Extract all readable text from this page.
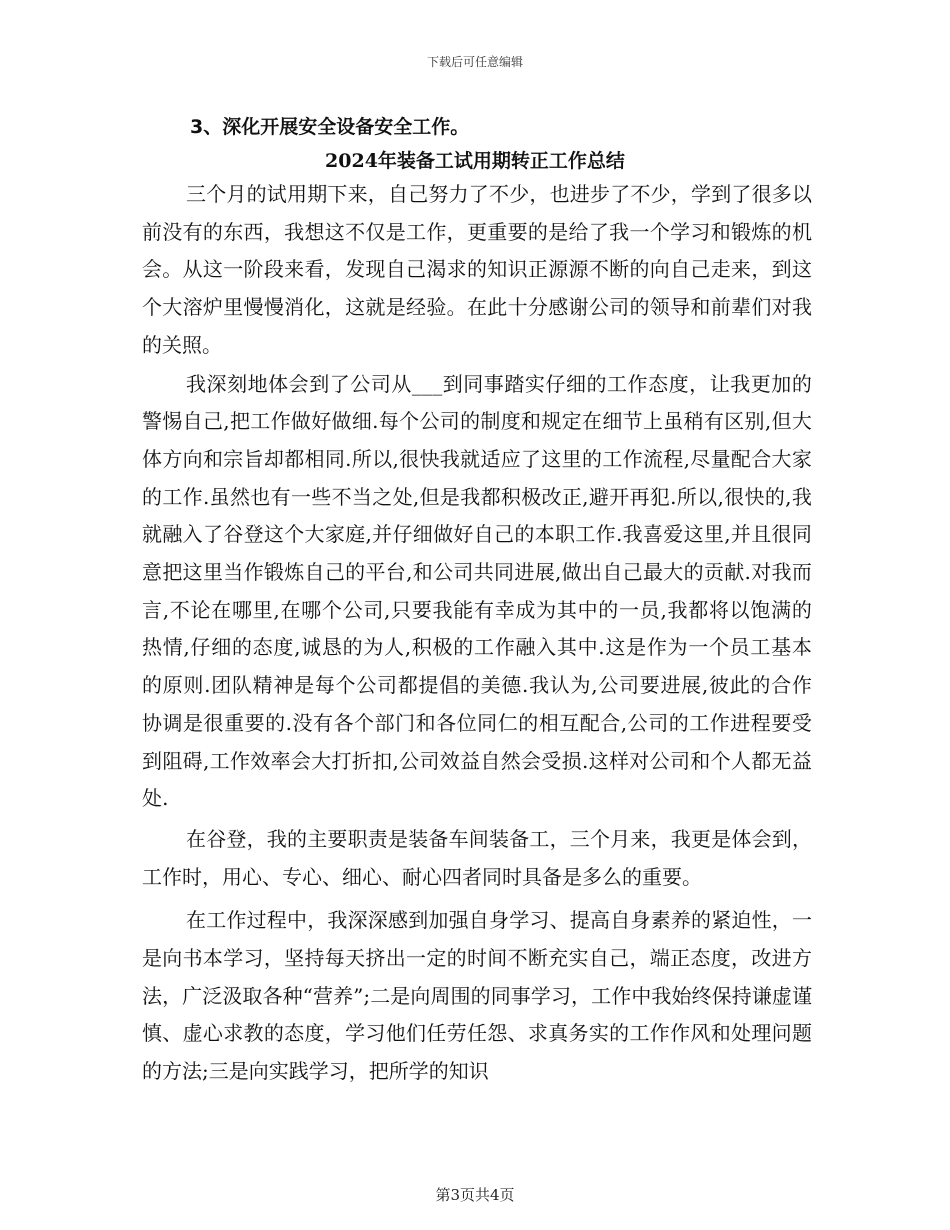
下载后可任意编辑
3、深化开展安全设备安全工作。
2024年装备工试用期转正工作总结

三个月的试用期下来，自己努力了不少，也进步了不少，学到了很多以前没有的东西，我想这不仅是工作，更重要的是给了我一个学习和锻炼的机会。从这一阶段来看，发现自己渴求的知识正源源不断的向自己走来，到这个大溶炉里慢慢消化，这就是经验。在此十分感谢公司的领导和前辈们对我的关照。

我深刻地体会到了公司从___到同事踏实仔细的工作态度，让我更加的警惕自己,把工作做好做细.每个公司的制度和规定在细节上虽稍有区别,但大体方向和宗旨却都相同.所以,很快我就适应了这里的工作流程,尽量配合大家的工作.虽然也有一些不当之处,但是我都积极改正,避开再犯.所以,很快的,我就融入了谷登这个大家庭,并仔细做好自己的本职工作.我喜爱这里,并且很同意把这里当作锻炼自己的平台,和公司共同进展,做出自己最大的贡献.对我而言,不论在哪里,在哪个公司,只要我能有幸成为其中的一员,我都将以饱满的热情,仔细的态度,诚恳的为人,积极的工作融入其中.这是作为一个员工基本的原则.团队精神是每个公司都提倡的美德.我认为,公司要进展,彼此的合作协调是很重要的.没有各个部门和各位同仁的相互配合,公司的工作进程要受到阻碍,工作效率会大打折扣,公司效益自然会受损.这样对公司和个人都无益处.

在谷登，我的主要职责是装备车间装备工，三个月来，我更是体会到，工作时，用心、专心、细心、耐心四者同时具备是多么的重要。

在工作过程中，我深深感到加强自身学习、提高自身素养的紧迫性，一是向书本学习，坚持每天挤出一定的时间不断充实自己，端正态度，改进方法，广泛汲取各种“营养”;二是向周围的同事学习，工作中我始终保持谦虚谨慎、虚心求教的态度，学习他们任劳任怨、求真务实的工作作风和处理问题的方法;三是向实践学习，把所学的知识

第3页共4页
